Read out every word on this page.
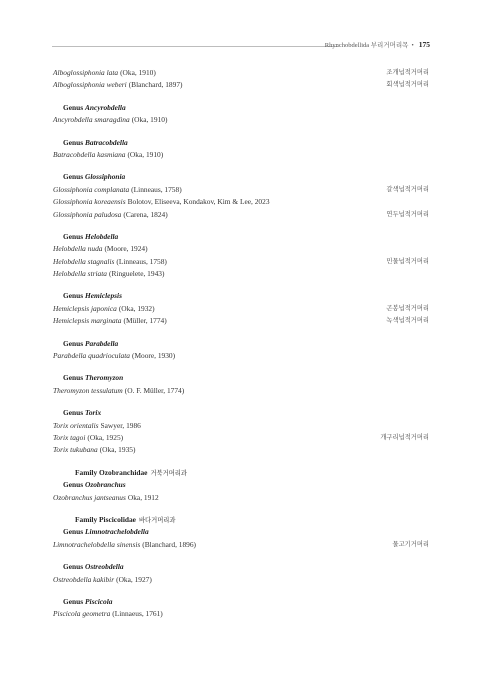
Rhynchobdellida 부리거머리목 • 175
Alboglossiphonia lata (Oka, 1910)	조개넙적거머리
Alboglossiphonia weberi (Blanchard, 1897)	회색넙적거머리
Genus Ancyrobdella
Ancyrobdella smaragdina (Oka, 1910)
Genus Batracobdella
Batracobdella kasmiana (Oka, 1910)
Genus Glossiphonia
Glossiphonia complanata (Linneaus, 1758)	갈색넙적거머리
Glossiphonia koreaensis Bolotov, Eliseeva, Kondakov, Kim & Lee, 2023
Glossiphonia paludosa (Carena, 1824)	연두넙적거머리
Genus Helobdella
Helobdella nuda (Moore, 1924)
Helobdella stagnalis (Linneaus, 1758)	민물넙적거머리
Helobdella striata (Ringuelete, 1943)
Genus Hemiclepsis
Hemiclepsis japonica (Oka, 1932)	곤봉넙적거머리
Hemiclepsis marginata (Müller, 1774)	녹색넙적거머리
Genus Parabdella
Parabdella quadrioculata (Moore, 1930)
Genus Theromyzon
Theromyzon tessulatum (O. F. Müller, 1774)
Genus Torix
Torix orientalis Sawyer, 1986
Torix tagoi (Oka, 1925)	개구리넙적거머리
Torix tukubana (Oka, 1935)
Family Ozobranchidae 거북거머리과
Genus Ozobranchus
Ozobranchus jantseanus Oka, 1912
Family Piscicolidae 바다거머리과
Genus Limnotrachelobdella
Limnotrachelobdella sinensis (Blanchard, 1896)	물고기거머리
Genus Ostreobdella
Ostreobdella kakibir (Oka, 1927)
Genus Piscicola
Piscicola geometra (Linnaeus, 1761)
